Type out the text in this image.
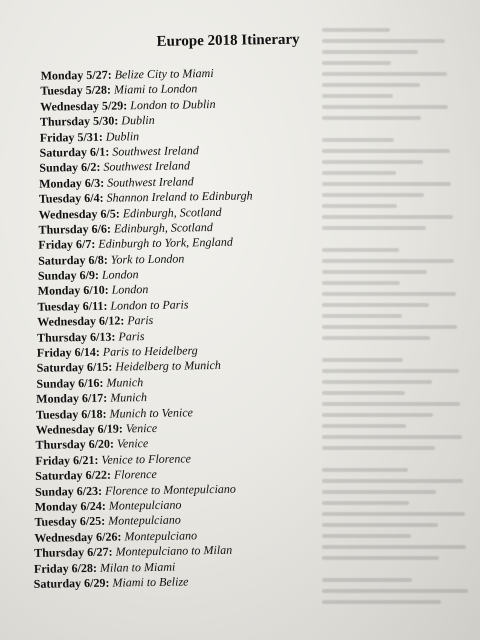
Europe 2018 Itinerary
Monday 5/27: Belize City to Miami
Tuesday 5/28: Miami to London
Wednesday 5/29: London to Dublin
Thursday 5/30: Dublin
Friday 5/31: Dublin
Saturday 6/1: Southwest Ireland
Sunday 6/2: Southwest Ireland
Monday 6/3: Southwest Ireland
Tuesday 6/4: Shannon Ireland to Edinburgh
Wednesday 6/5: Edinburgh, Scotland
Thursday 6/6: Edinburgh, Scotland
Friday 6/7: Edinburgh to York, England
Saturday 6/8: York to London
Sunday 6/9: London
Monday 6/10: London
Tuesday 6/11: London to Paris
Wednesday 6/12: Paris
Thursday 6/13: Paris
Friday 6/14: Paris to Heidelberg
Saturday 6/15: Heidelberg to Munich
Sunday 6/16: Munich
Monday 6/17: Munich
Tuesday 6/18: Munich to Venice
Wednesday 6/19: Venice
Thursday 6/20: Venice
Friday 6/21: Venice to Florence
Saturday 6/22: Florence
Sunday 6/23: Florence to Montepulciano
Monday 6/24: Montepulciano
Tuesday 6/25: Montepulciano
Wednesday 6/26: Montepulciano
Thursday 6/27: Montepulciano to Milan
Friday 6/28: Milan to Miami
Saturday 6/29: Miami to Belize
